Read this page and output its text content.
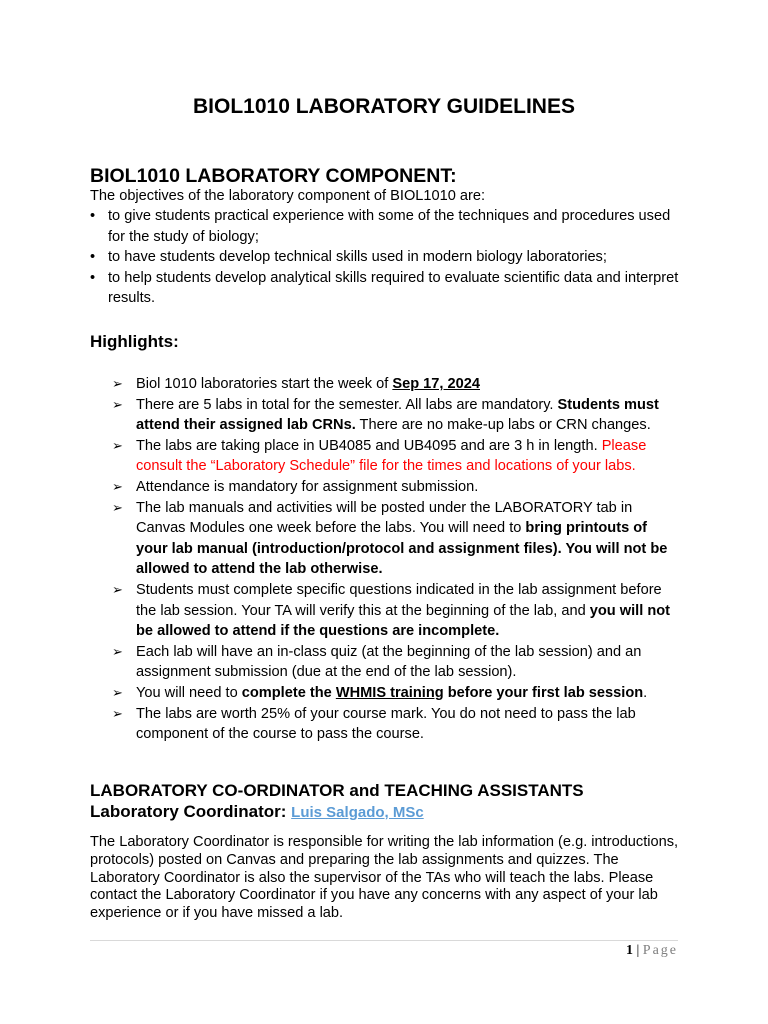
BIOL1010 LABORATORY GUIDELINES
BIOL1010 LABORATORY COMPONENT:
The objectives of the laboratory component of BIOL1010 are:
• to give students practical experience with some of the techniques and procedures used for the study of biology;
• to have students develop technical skills used in modern biology laboratories;
• to help students develop analytical skills required to evaluate scientific data and interpret results.
Highlights:
➢ Biol 1010 laboratories start the week of Sep 17, 2024
➢ There are 5 labs in total for the semester. All labs are mandatory. Students must attend their assigned lab CRNs. There are no make-up labs or CRN changes.
➢ The labs are taking place in UB4085 and UB4095 and are 3 h in length. Please consult the “Laboratory Schedule” file for the times and locations of your labs.
➢ Attendance is mandatory for assignment submission.
➢ The lab manuals and activities will be posted under the LABORATORY tab in Canvas Modules one week before the labs. You will need to bring printouts of your lab manual (introduction/protocol and assignment files). You will not be allowed to attend the lab otherwise.
➢ Students must complete specific questions indicated in the lab assignment before the lab session. Your TA will verify this at the beginning of the lab, and you will not be allowed to attend if the questions are incomplete.
➢ Each lab will have an in-class quiz (at the beginning of the lab session) and an assignment submission (due at the end of the lab session).
➢ You will need to complete the WHMIS training before your first lab session.
➢ The labs are worth 25% of your course mark. You do not need to pass the lab component of the course to pass the course.
LABORATORY CO-ORDINATOR and TEACHING ASSISTANTS
Laboratory Coordinator: Luis Salgado, MSc
The Laboratory Coordinator is responsible for writing the lab information (e.g. introductions, protocols) posted on Canvas and preparing the lab assignments and quizzes. The Laboratory Coordinator is also the supervisor of the TAs who will teach the labs. Please contact the Laboratory Coordinator if you have any concerns with any aspect of your lab experience or if you have missed a lab.
1 | Page
